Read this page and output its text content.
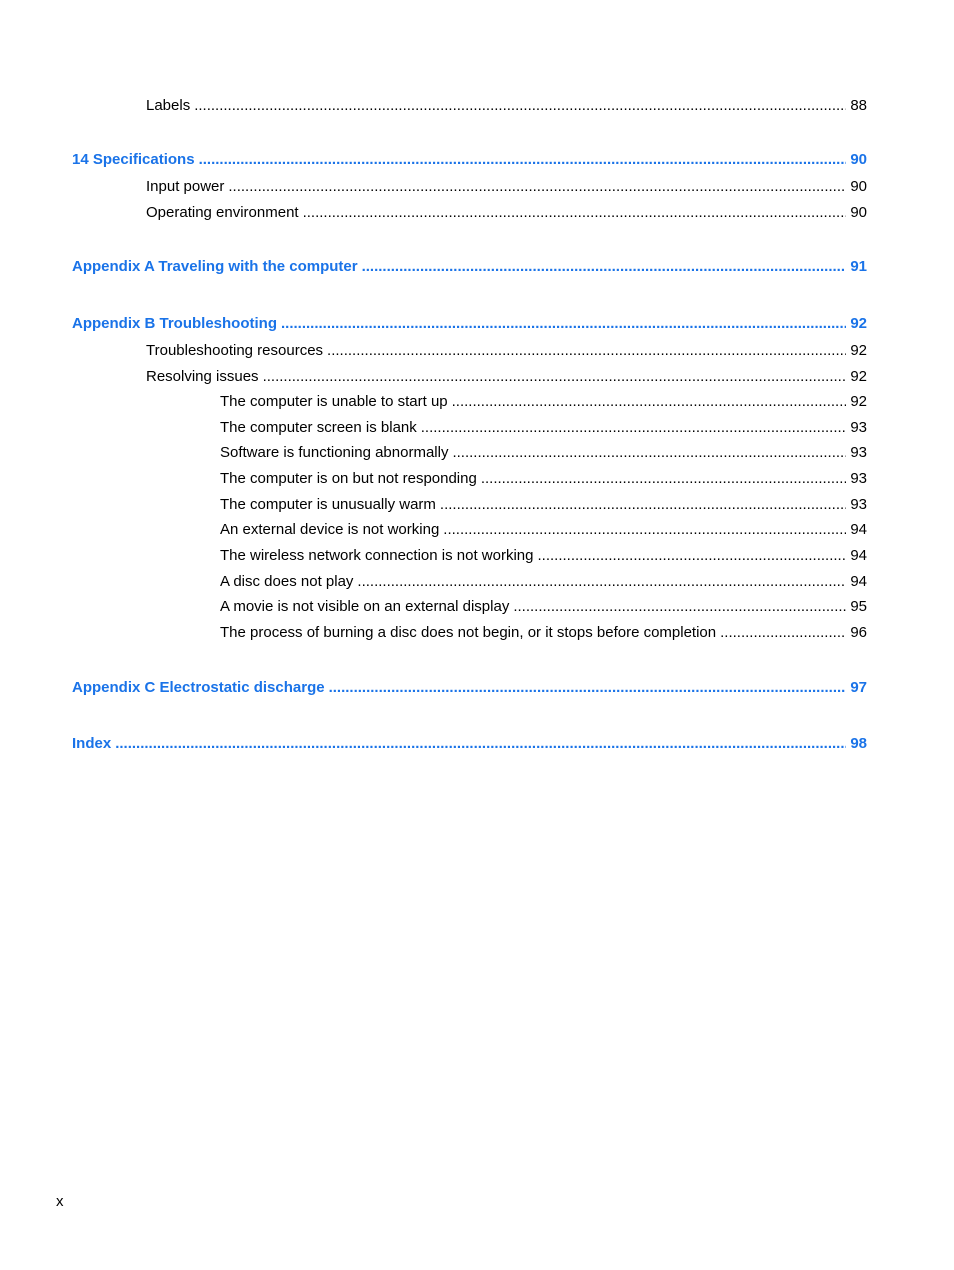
Labels .....	88
14 Specifications .....	90
Input power .....	90
Operating environment .....	90
Appendix A Traveling with the computer .....	91
Appendix B Troubleshooting .....	92
Troubleshooting resources .....	92
Resolving issues .....	92
The computer is unable to start up .....	92
The computer screen is blank .....	93
Software is functioning abnormally .....	93
The computer is on but not responding .....	93
The computer is unusually warm .....	93
An external device is not working .....	94
The wireless network connection is not working .....	94
A disc does not play .....	94
A movie is not visible on an external display .....	95
The process of burning a disc does not begin, or it stops before completion .....	96
Appendix C Electrostatic discharge .....	97
Index .....	98
x
